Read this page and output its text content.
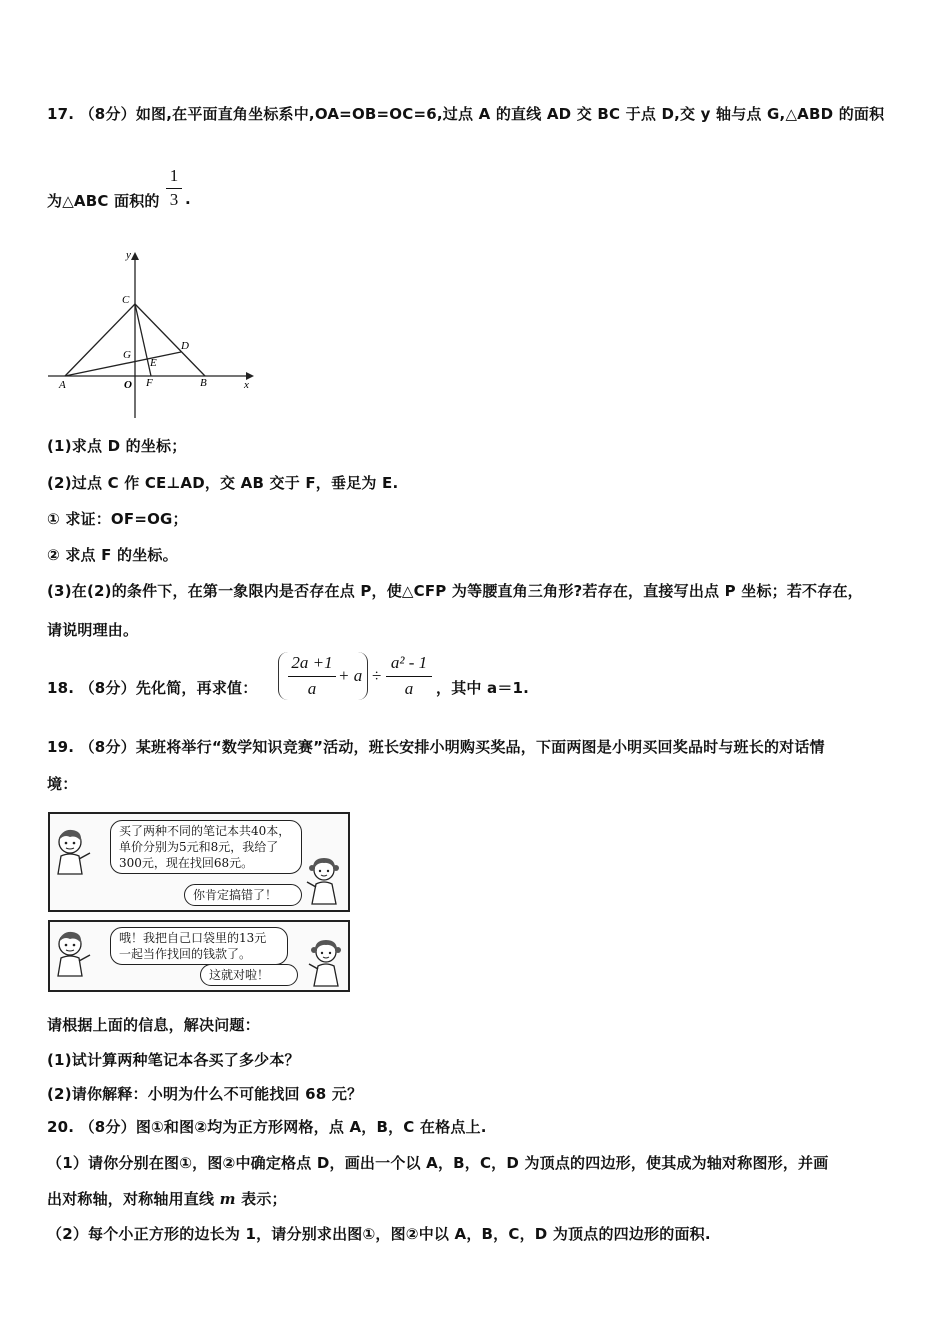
17. （8分）如图,在平面直角坐标系中,OA=OB=OC=6,过点 A 的直线 AD 交 BC 于点 D,交 y 轴与点 G,△ABD 的面积
为△ABC 面积的
1
3 .
y
x
C
G
D
E
A	O F	B
(1)求点 D 的坐标；
(2)过点 C 作 CE⊥AD，交 AB 交于 F，垂足为 E.
① 求证：OF=OG；
② 求点 F 的坐标。
(3)在(2)的条件下，在第一象限内是否存在点 P，使△CFP 为等腰直角三角形?若存在，直接写出点 P 坐标；若不存在，
请说明理由。
18. （8分）先化简，再求值：
2a +1
a
+ a ÷
a² - 1
a	，其中 a＝1.
19. （8分）某班将举行“数学知识竞赛”活动，班长安排小明购买奖品，下面两图是小明买回奖品时与班长的对话情
境：
买了两种不同的笔记本共40本，
单价分别为5元和8元，我给了
300元，现在找回68元。
你肯定搞错了！
哦！我把自己口袋里的13元
一起当作找回的钱款了。
这就对啦！
请根据上面的信息，解决问题：
(1)试计算两种笔记本各买了多少本？
(2)请你解释：小明为什么不可能找回 68 元？
20. （8分）图①和图②均为正方形网格，点 A，B，C 在格点上.
（1）请你分别在图①，图②中确定格点 D，画出一个以 A，B，C，D 为顶点的四边形，使其成为轴对称图形，并画
出对称轴，对称轴用直线 m 表示；
（2）每个小正方形的边长为 1，请分别求出图①，图②中以 A，B，C，D 为顶点的四边形的面积.
